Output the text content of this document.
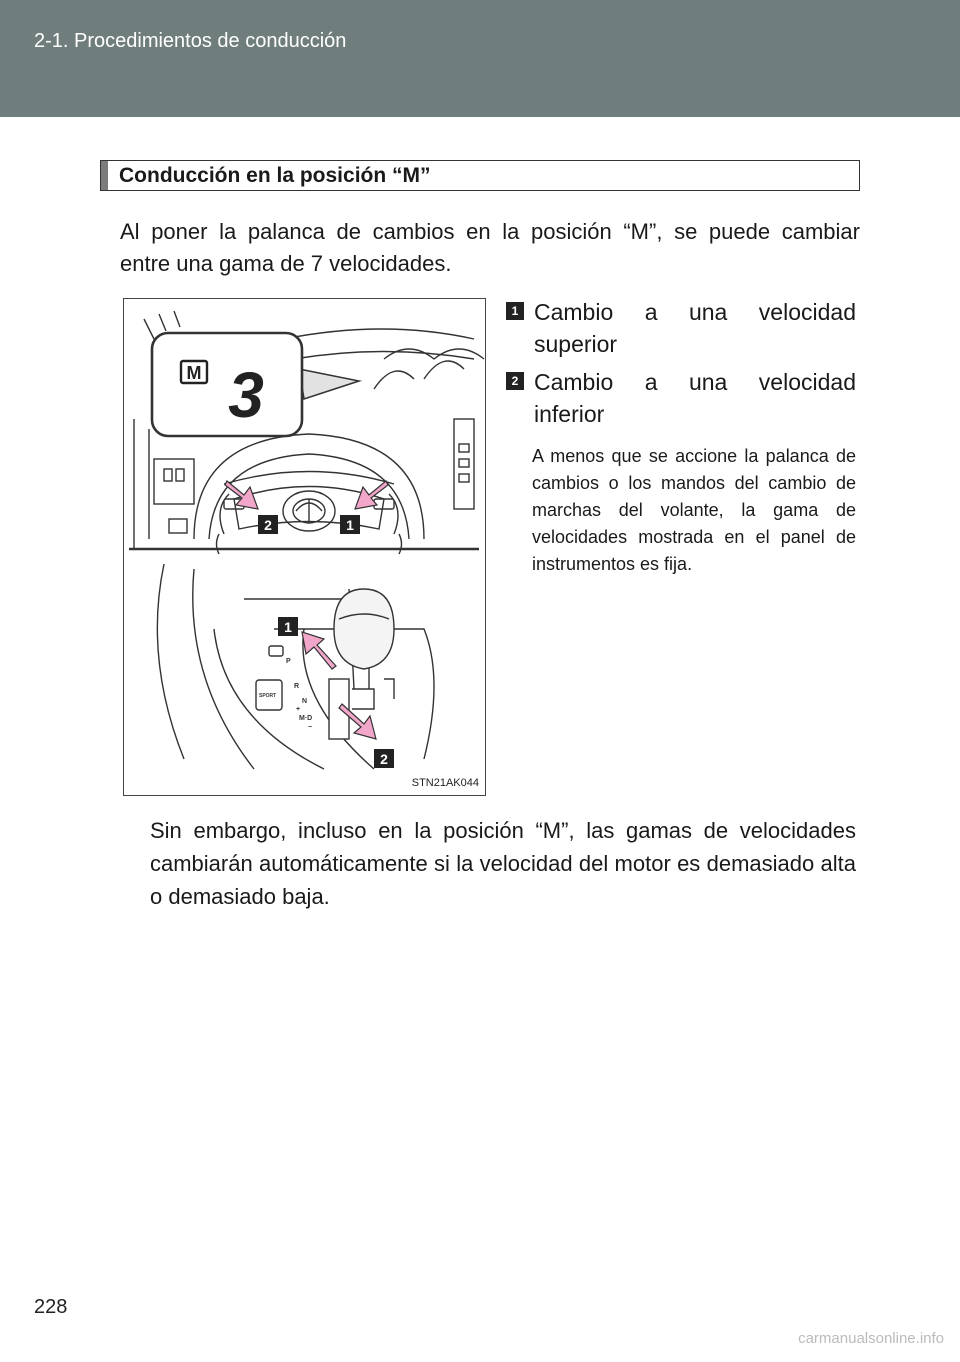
2-1. Procedimientos de conducción
Conducción en la posición “M”
Al poner la palanca de cambios en la posición “M”, se puede cambiar
entre una gama de 7 velocidades.
P
R
N
M·D
+
−
SPORT
M 3
2	1
1
2
STN21AK044
1 Cambio a una velocidad
superior
2 Cambio a una velocidad
inferior
A menos que se accione la palanca de cambios o los mandos del cambio de marchas del volante, la gama de velocidades mostrada en el panel de instrumentos es fija.
Sin embargo, incluso en la posición “M”, las gamas de velocidades cambiarán automáticamente si la velocidad del motor es demasiado alta o demasiado baja.
228
carmanualsonline.info
